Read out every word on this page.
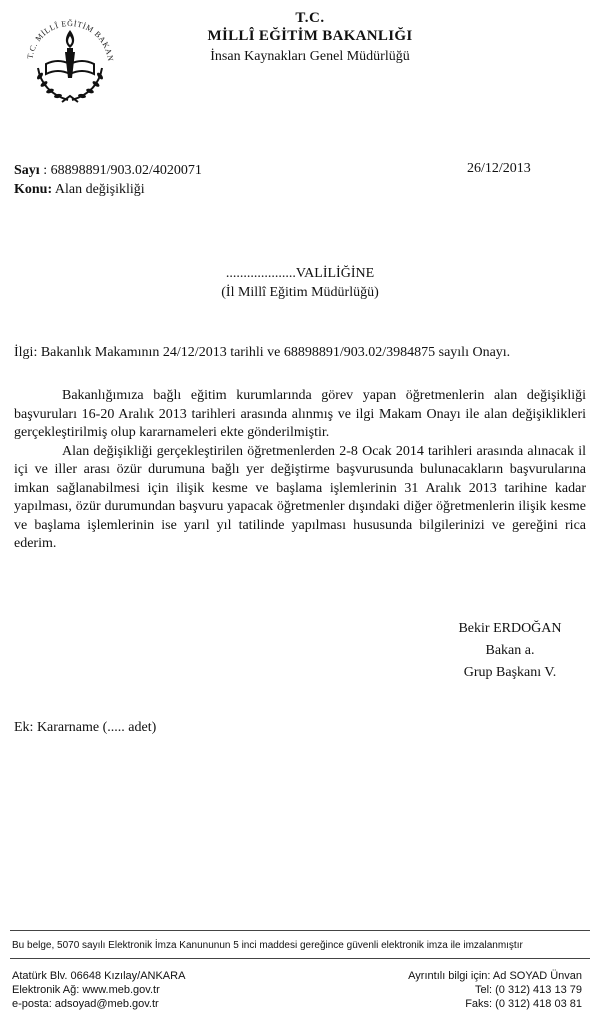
T.C. MİLLÎ EĞİTİM BAKAN
T.C.
MİLLÎ EĞİTİM BAKANLIĞI
İnsan Kaynakları Genel Müdürlüğü
Sayı : 68898891/903.02/4020071	26/12/2013
Konu: Alan değişikliği
....................VALİLİĞİNE
(İl Millî Eğitim Müdürlüğü)
İlgi: Bakanlık Makamının 24/12/2013 tarihli ve 68898891/903.02/3984875 sayılı Onayı.

Bakanlığımıza bağlı eğitim kurumlarında görev yapan öğretmenlerin alan değişikliği başvuruları 16-20 Aralık 2013 tarihleri arasında alınmış ve ilgi Makam Onayı ile alan değişiklikleri gerçekleştirilmiş olup kararnameleri ekte gönderilmiştir.

Alan değişikliği gerçekleştirilen öğretmenlerden 2-8 Ocak 2014 tarihleri arasında alınacak il içi ve iller arası özür durumuna bağlı yer değiştirme başvurusunda bulunacakların başvurularına imkan sağlanabilmesi için ilişik kesme ve başlama işlemlerinin 31 Aralık 2013 tarihine kadar yapılması, özür durumundan başvuru yapacak öğretmenler dışındaki diğer öğretmenlerin ilişik kesme ve başlama işlemlerinin ise yarıl yıl tatilinde yapılması hususunda bilgilerinizi ve gereğini rica ederim.

Bekir ERDOĞAN
Bakan a.
Grup Başkanı V.
Ek: Kararname (..... adet)
Bu belge, 5070 sayılı Elektronik İmza Kanununun 5 inci maddesi gereğince güvenli elektronik imza ile imzalanmıştır
Atatürk Blv. 06648 Kızılay/ANKARA
Elektronik Ağ: www.meb.gov.tr
e-posta: adsoyad@meb.gov.tr
Ayrıntılı bilgi için: Ad SOYAD Ünvan
Tel: (0 312) 413 13 79
Faks: (0 312) 418 03 81
